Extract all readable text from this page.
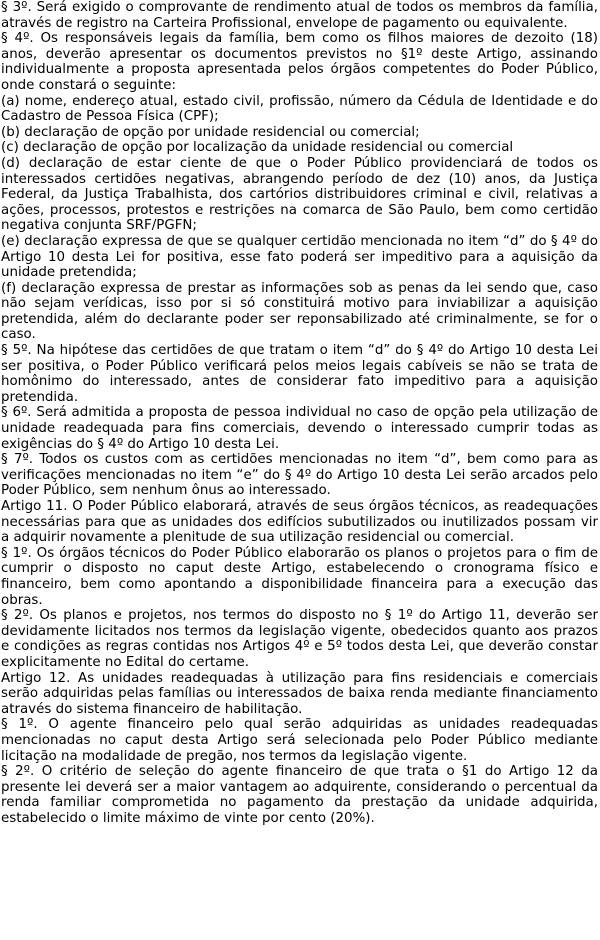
§ 3º. Será exigido o comprovante de rendimento atual de todos os membros da família, através de registro na Carteira Profissional, envelope de pagamento ou equivalente.

§ 4º. Os responsáveis legais da família, bem como os filhos maiores de dezoito (18) anos, deverão apresentar os documentos previstos no §1º deste Artigo, assinando individualmente a proposta apresentada pelos órgãos competentes do Poder Público, onde constará o seguinte:

(a) nome, endereço atual, estado civil, profissão, número da Cédula de Identidade e do Cadastro de Pessoa Física (CPF);

(b) declaração de opção por unidade residencial ou comercial;

(c) declaração de opção por localização da unidade residencial ou comercial

(d) declaração de estar ciente de que o Poder Público providenciará de todos os interessados certidões negativas, abrangendo período de dez (10) anos, da Justiça Federal, da Justiça Trabalhista, dos cartórios distribuidores criminal e civil, relativas a ações, processos, protestos e restrições na comarca de São Paulo, bem como certidão negativa conjunta SRF/PGFN;

(e) declaração expressa de que se qualquer certidão mencionada no item “d” do § 4º do Artigo 10 desta Lei for positiva, esse fato poderá ser impeditivo para a aquisição da unidade pretendida;

(f) declaração expressa de prestar as informações sob as penas da lei sendo que, caso não sejam verídicas, isso por si só constituirá motivo para inviabilizar a aquisição pretendida, além do declarante poder ser reponsabilizado até criminalmente, se for o caso.

§ 5º. Na hipótese das certidões de que tratam o item “d” do § 4º do Artigo 10 desta Lei ser positiva, o Poder Público verificará pelos meios legais cabíveis se não se trata de homônimo do interessado, antes de considerar fato impeditivo para a aquisição pretendida.

§ 6º. Será admitida a proposta de pessoa individual no caso de opção pela utilização de unidade readequada para fins comerciais, devendo o interessado cumprir todas as exigências do § 4º do Artigo 10 desta Lei.

§ 7º. Todos os custos com as certidões mencionadas no item “d”, bem como para as verificações mencionadas no item “e” do § 4º do Artigo 10 desta Lei serão arcados pelo Poder Público, sem nenhum ônus ao interessado.

Artigo 11. O Poder Público elaborará, através de seus órgãos técnicos, as readequações necessárias para que as unidades dos edifícios subutilizados ou inutilizados possam vir a adquirir novamente a plenitude de sua utilização residencial ou comercial.

§ 1º. Os órgãos técnicos do Poder Público elaborarão os planos o projetos para o fim de cumprir o disposto no caput deste Artigo, estabelecendo o cronograma físico e financeiro, bem como apontando a disponibilidade financeira para a execução das obras.

§ 2º. Os planos e projetos, nos termos do disposto no § 1º do Artigo 11, deverão ser devidamente licitados nos termos da legislação vigente, obedecidos quanto aos prazos e condições as regras contidas nos Artigos 4º e 5º todos desta Lei, que deverão constar explicitamente no Edital do certame.

Artigo 12. As unidades readequadas à utilização para fins residenciais e comerciais serão adquiridas pelas famílias ou interessados de baixa renda mediante financiamento através do sistema financeiro de habilitação.

§ 1º. O agente financeiro pelo qual serão adquiridas as unidades readequadas mencionadas no caput desta Artigo será selecionada pelo Poder Público mediante licitação na modalidade de pregão, nos termos da legislação vigente.

§ 2º. O critério de seleção do agente financeiro de que trata o §1 do Artigo 12 da presente lei deverá ser a maior vantagem ao adquirente, considerando o percentual da renda familiar comprometida no pagamento da prestação da unidade adquirida, estabelecido o limite máximo de vinte por cento (20%).
